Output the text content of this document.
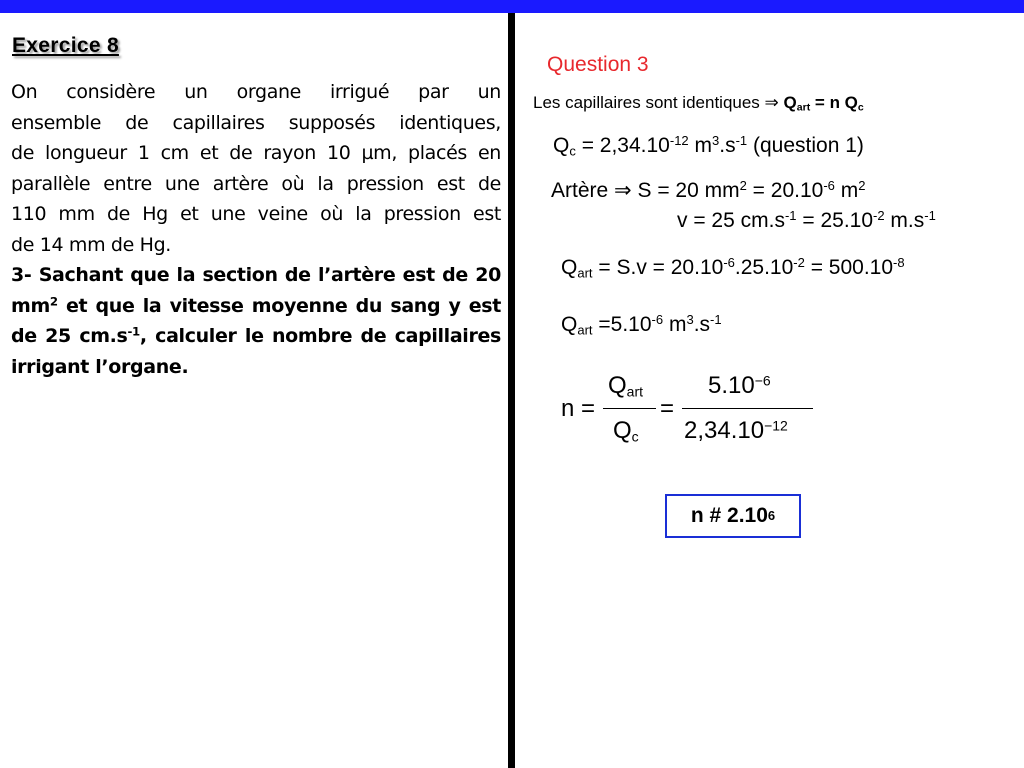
Exercice 8
On considère un organe irrigué par un
ensemble de capillaires supposés identiques,
de longueur 1 cm et de rayon 10 µm, placés en
parallèle entre une artère où la pression est de
110 mm de Hg et une veine où la pression est
de 14 mm de Hg.
3- Sachant que la section de l’artère est de 20
$mm^2$ et que la vitesse moyenne du sang y est
de 25 $cm.s^{-1}$, calculer le nombre de capillaires
irrigant l’organe.
Question 3
Les capillaires sont identiques ⇒ $Q_{art} = n$ $Q_c$
$Q_c = 2,34.10^{-12}$ $m^3.s^{-1}$ (question 1)
Artère ⇒ S = 20 $mm^2 = 20.10^{-6}$ $m^2$
v = 25 $cm.s^{-1} = 25.10^{-2}$ $m.s^{-1}$
$Q_{art} = S.v = 20.10^{-6}.25.10^{-2} = 500.10^{-8}$
$Q_{art} =5.10^{-6}$ $m^3.s^{-1}$
n =
$Q_{art}$
$Q_c$
=
$5.10^{-6}$
$2,34.10^{-12}$
n # 2.10 6
